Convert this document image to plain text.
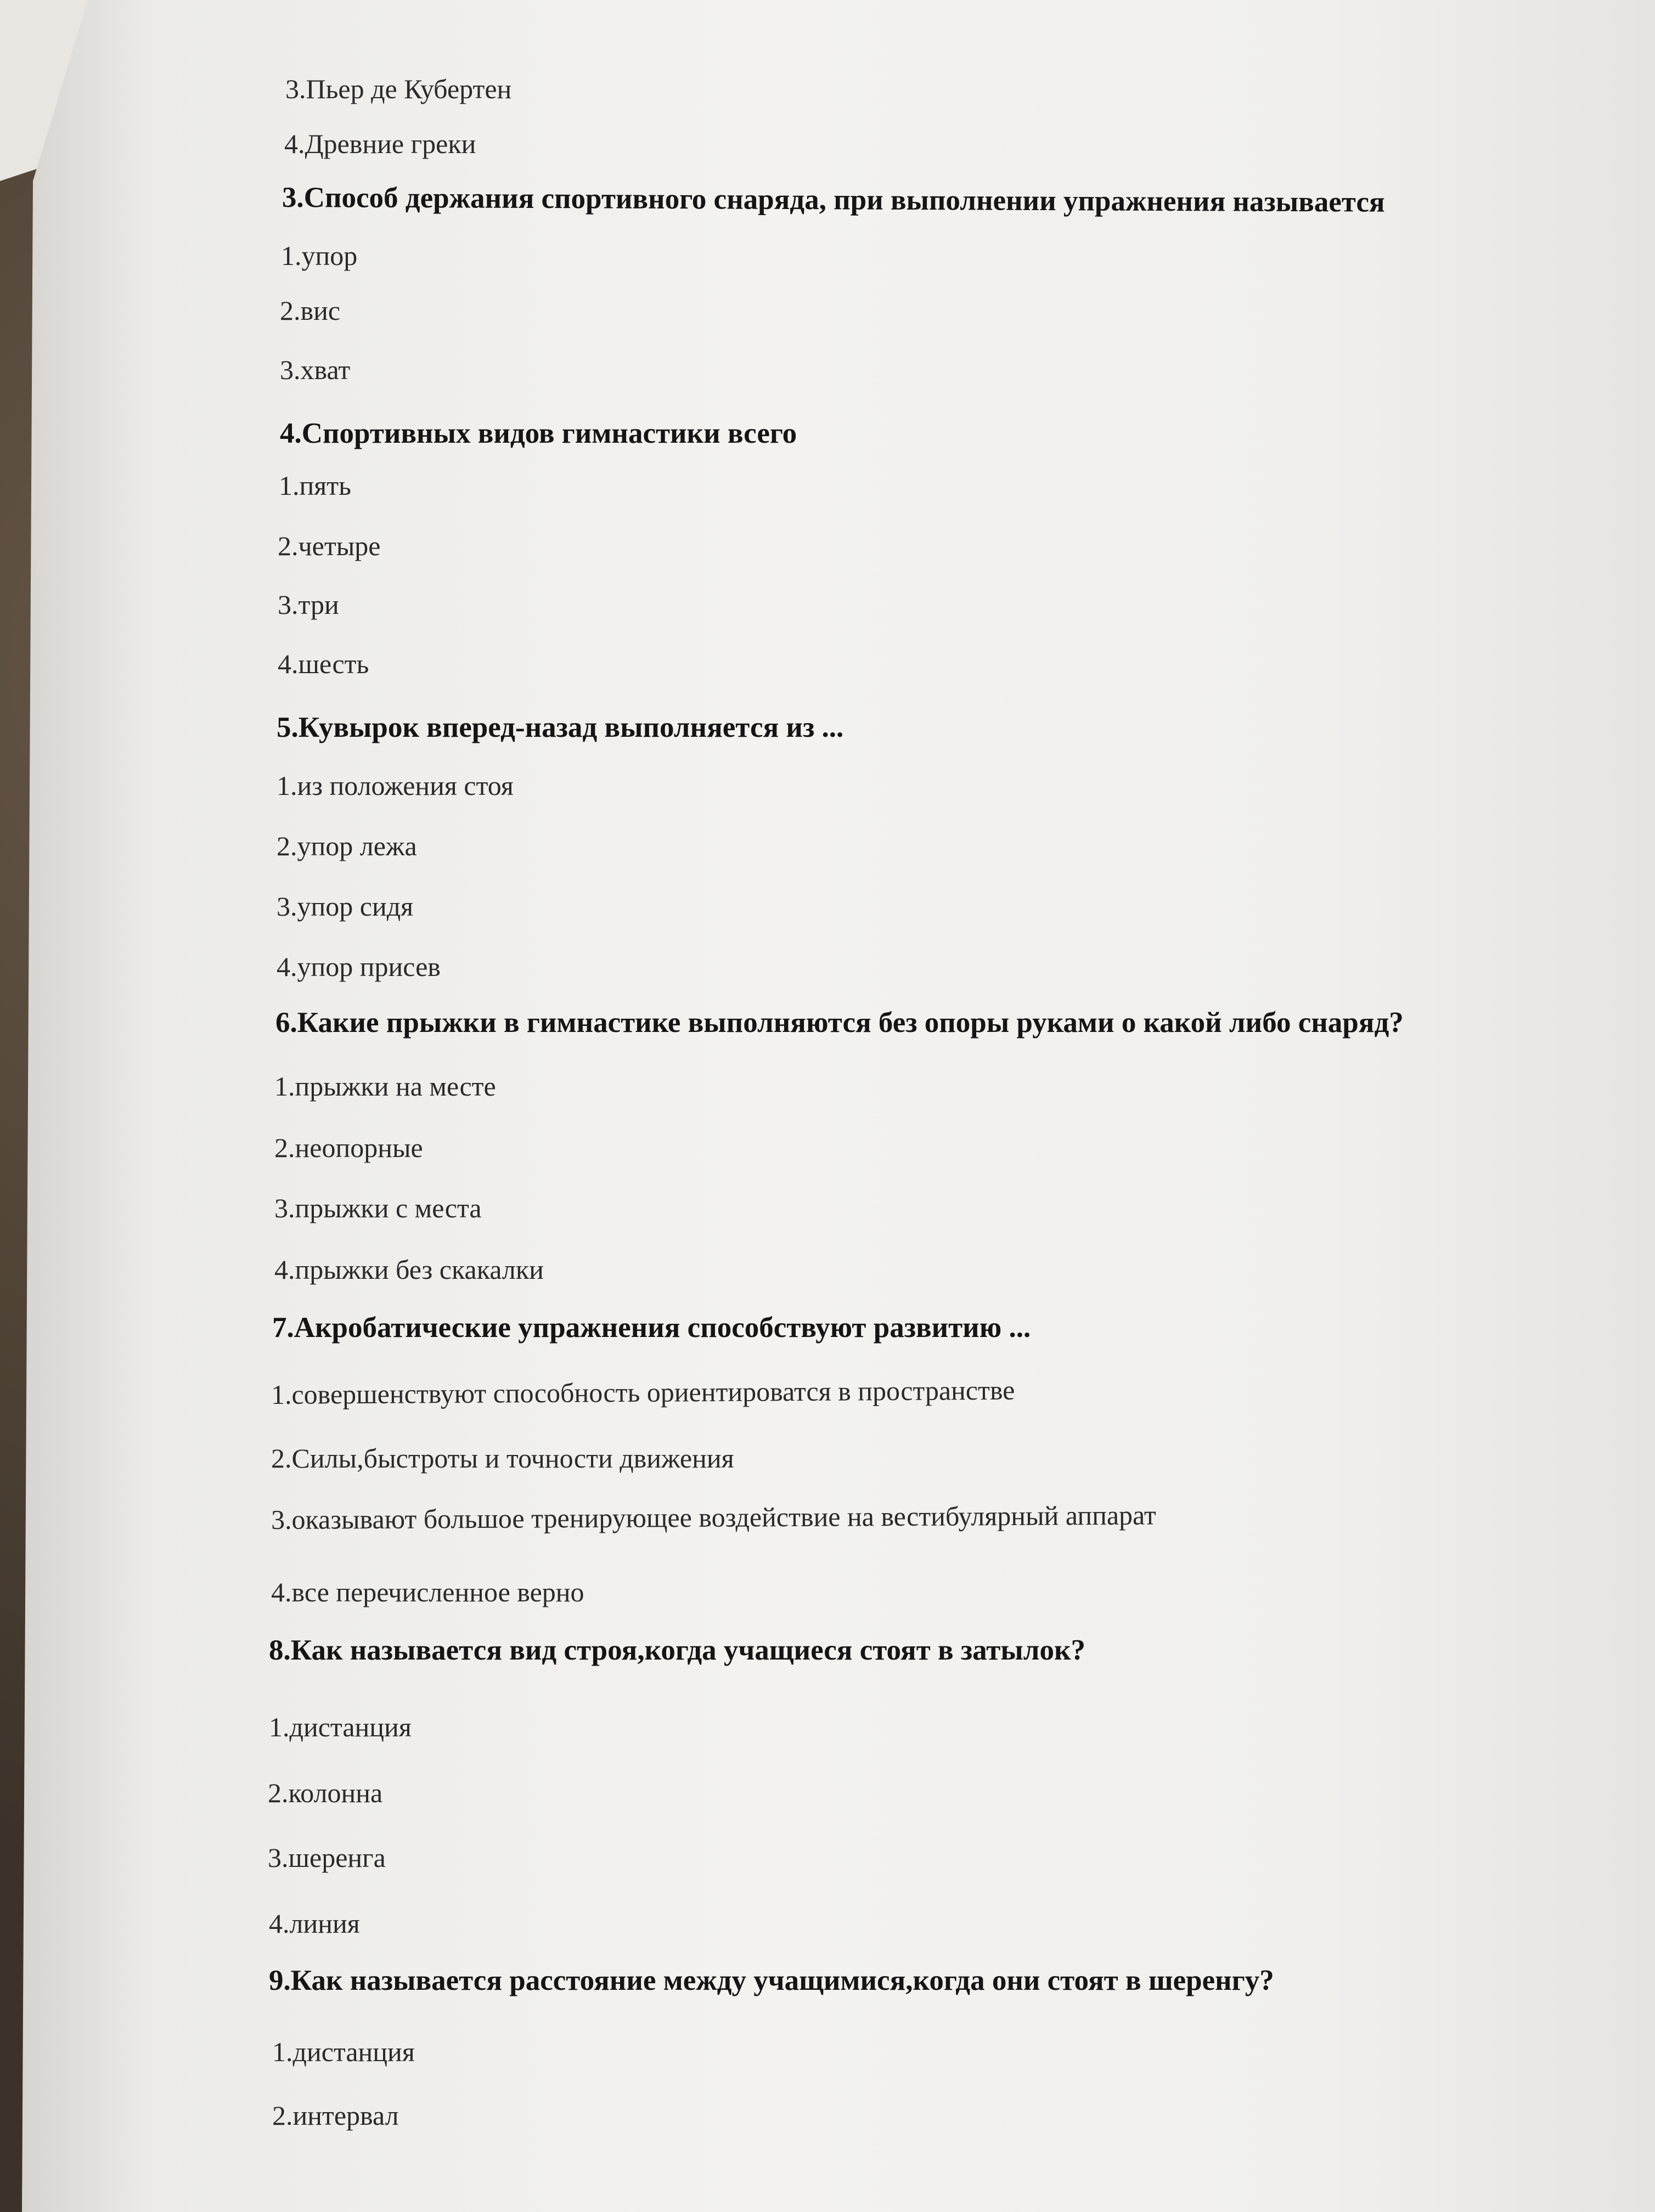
3.Пьер де Кубертен
4.Древние греки
3.Способ держания спортивного снаряда, при выполнении упражнения называется
1.упор
2.вис
3.хват
4.Спортивных видов гимнастики всего
1.пять
2.четыре
3.три
4.шесть
5.Кувырок вперед-назад выполняется из ...
1.из положения стоя
2.упор лежа
3.упор сидя
4.упор присев
6.Какие прыжки в гимнастике выполняются без опоры руками о какой либо снаряд?
1.прыжки на месте
2.неопорные
3.прыжки с места
4.прыжки без скакалки
7.Акробатические упражнения способствуют развитию ...
1.совершенствуют способность ориентироватся в пространстве
2.Силы,быстроты и точности движения
3.оказывают большое тренирующее воздействие на вестибулярный аппарат
4.все перечисленное верно
8.Как называется вид строя,когда учащиеся стоят в затылок?
1.дистанция
2.колонна
3.шеренга
4.линия
9.Как называется расстояние между учащимися,когда они стоят в шеренгу?
1.дистанция
2.интервал
